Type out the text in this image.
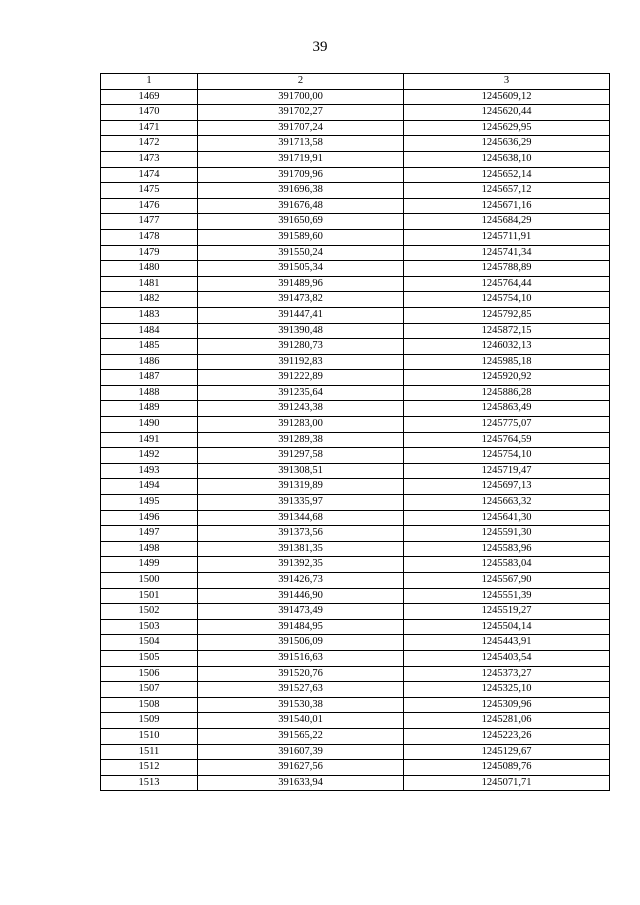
39
1	2	3
1469	391700,00	1245609,12
1470	391702,27	1245620,44
1471	391707,24	1245629,95
1472	391713,58	1245636,29
1473	391719,91	1245638,10
1474	391709,96	1245652,14
1475	391696,38	1245657,12
1476	391676,48	1245671,16
1477	391650,69	1245684,29
1478	391589,60	1245711,91
1479	391550,24	1245741,34
1480	391505,34	1245788,89
1481	391489,96	1245764,44
1482	391473,82	1245754,10
1483	391447,41	1245792,85
1484	391390,48	1245872,15
1485	391280,73	1246032,13
1486	391192,83	1245985,18
1487	391222,89	1245920,92
1488	391235,64	1245886,28
1489	391243,38	1245863,49
1490	391283,00	1245775,07
1491	391289,38	1245764,59
1492	391297,58	1245754,10
1493	391308,51	1245719,47
1494	391319,89	1245697,13
1495	391335,97	1245663,32
1496	391344,68	1245641,30
1497	391373,56	1245591,30
1498	391381,35	1245583,96
1499	391392,35	1245583,04
1500	391426,73	1245567,90
1501	391446,90	1245551,39
1502	391473,49	1245519,27
1503	391484,95	1245504,14
1504	391506,09	1245443,91
1505	391516,63	1245403,54
1506	391520,76	1245373,27
1507	391527,63	1245325,10
1508	391530,38	1245309,96
1509	391540,01	1245281,06
1510	391565,22	1245223,26
1511	391607,39	1245129,67
1512	391627,56	1245089,76
1513	391633,94	1245071,71
